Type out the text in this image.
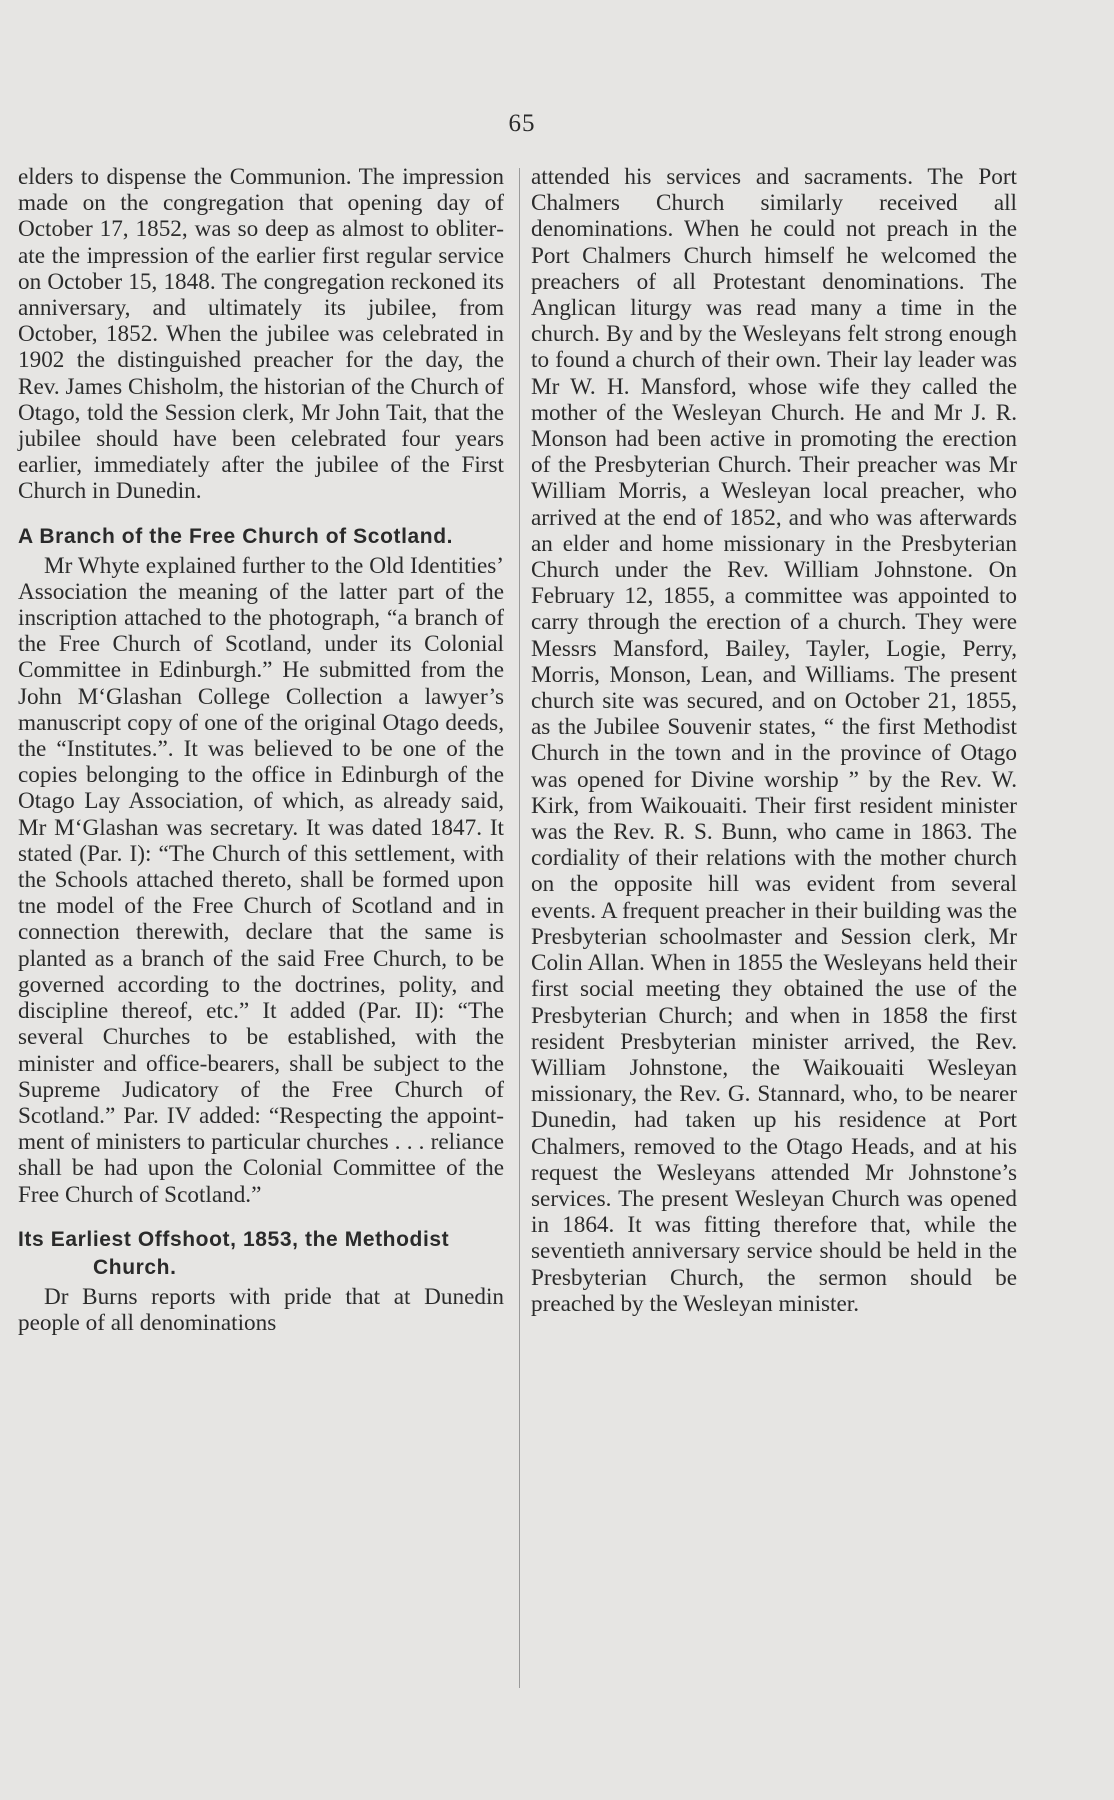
65

elders to dispense the Communion. The impression made on the congregation that opening day of October 17, 1852, was so deep as almost to obliterate the impression of the earlier first regular service on October 15, 1848. The congregation reckoned its anniversary, and ultimately its jubilee, from October, 1852. When the jubilee was celebrated in 1902 the distinguished preacher for the day, the Rev. James Chisholm, the historian of the Church of Otago, told the Session clerk, Mr John Tait, that the jubilee should have been celebrated four years earlier, immediately after the jubilee of the First Church in Dunedin.

A Branch of the Free Church of Scotland.

Mr Whyte explained further to the Old Identities’ Association the meaning of the latter part of the inscription attached to the photograph, “a branch of the Free Church of Scotland, under its Colonial Committee in Edinburgh.” He submitted from the John M‘Glashan College Collection a lawyer’s manuscript copy of one of the original Otago deeds, the “Institutes.”. It was believed to be one of the copies belonging to the office in Edinburgh of the Otago Lay Association, of which, as already said, Mr M‘Glashan was secretary. It was dated 1847. It stated (Par. I): “The Church of this settlement, with the Schools attached thereto, shall be formed upon tne model of the Free Church of Scotland and in connection therewith, declare that the same is planted as a branch of the said Free Church, to be governed according to the doctrines, polity, and discipline thereof, etc.” It added (Par. II): “The several Churches to be established, with the minister and office-bearers, shall be subject to the Supreme Judicatory of the Free Church of Scotland.” Par. IV added: “Respecting the appointment of ministers to particular churches . . . reliance shall be had upon the Colonial Committee of the Free Church of Scotland.”

Its Earliest Offshoot, 1853, the Methodist Church.

Dr Burns reports with pride that at Dunedin people of all denominations

attended his services and sacraments. The Port Chalmers Church similarly received all denominations. When he could not preach in the Port Chalmers Church himself he welcomed the preachers of all Protestant denominations. The Anglican liturgy was read many a time in the church. By and by the Wesleyans felt strong enough to found a church of their own. Their lay leader was Mr W. H. Mansford, whose wife they called the mother of the Wesleyan Church. He and Mr J. R. Monson had been active in promoting the erection of the Presbyterian Church. Their preacher was Mr William Morris, a Wesleyan local preacher, who arrived at the end of 1852, and who was afterwards an elder and home missionary in the Presbyterian Church under the Rev. William Johnstone. On February 12, 1855, a committee was appointed to carry through the erection of a church. They were Messrs Mansford, Bailey, Tayler, Logie, Perry, Morris, Monson, Lean, and Williams. The present church site was secured, and on October 21, 1855, as the Jubilee Souvenir states, “ the first Methodist Church in the town and in the province of Otago was opened for Divine worship ” by the Rev. W. Kirk, from Waikouaiti. Their first resident minister was the Rev. R. S. Bunn, who came in 1863. The cordiality of their relations with the mother church on the opposite hill was evident from several events. A frequent preacher in their building was the Presbyterian schoolmaster and Session clerk, Mr Colin Allan. When in 1855 the Wesleyans held their first social meeting they obtained the use of the Presbyterian Church; and when in 1858 the first resident Presbyterian minister arrived, the Rev. William Johnstone, the Waikouaiti Wesleyan missionary, the Rev. G. Stannard, who, to be nearer Dunedin, had taken up his residence at Port Chalmers, removed to the Otago Heads, and at his request the Wesleyans attended Mr Johnstone’s services. The present Wesleyan Church was opened in 1864. It was fitting therefore that, while the seventieth anniversary service should be held in the Presbyterian Church, the sermon should be preached by the Wesleyan minister.
